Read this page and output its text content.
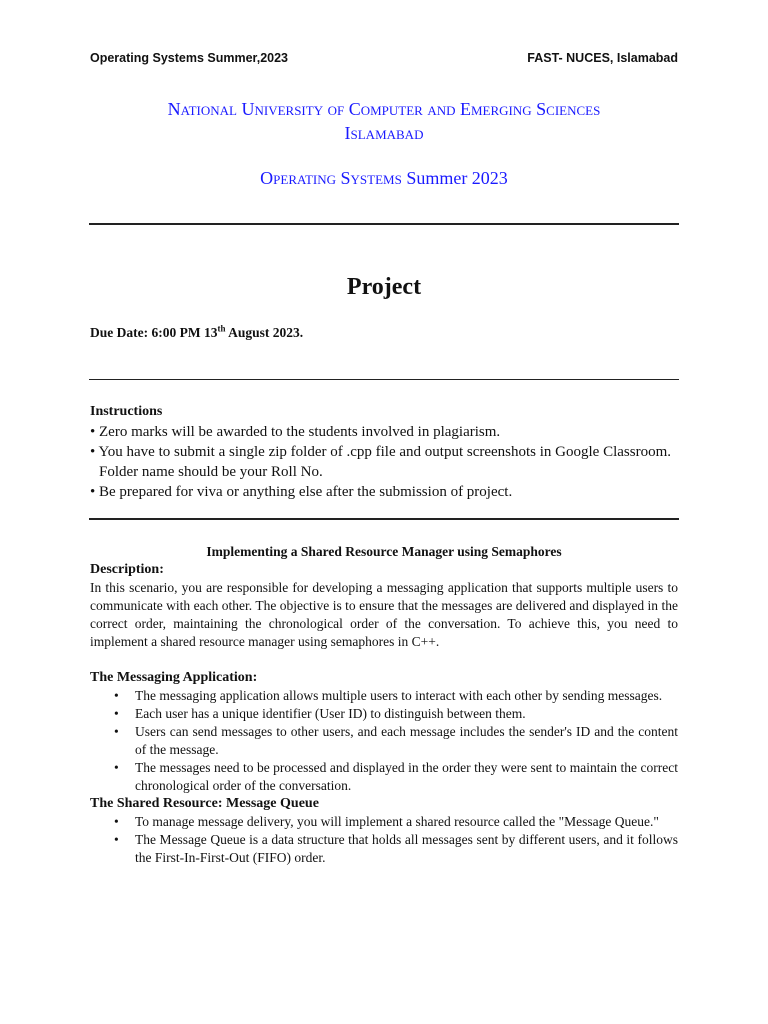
Operating Systems Summer,2023	FAST- NUCES, Islamabad
National University of Computer and Emerging Sciences
Islamabad
Operating Systems Summer 2023
Project
Due Date: 6:00 PM 13th August 2023.
Instructions
• Zero marks will be awarded to the students involved in plagiarism.
• You have to submit a single zip folder of .cpp file and output screenshots in Google Classroom. Folder name should be your Roll No.
• Be prepared for viva or anything else after the submission of project.
Implementing a Shared Resource Manager using Semaphores
Description:
In this scenario, you are responsible for developing a messaging application that supports multiple users to communicate with each other. The objective is to ensure that the messages are delivered and displayed in the correct order, maintaining the chronological order of the conversation. To achieve this, you need to implement a shared resource manager using semaphores in C++.
The Messaging Application:
• The messaging application allows multiple users to interact with each other by sending messages.
• Each user has a unique identifier (User ID) to distinguish between them.
• Users can send messages to other users, and each message includes the sender's ID and the content of the message.
• The messages need to be processed and displayed in the order they were sent to maintain the correct chronological order of the conversation.
The Shared Resource: Message Queue
• To manage message delivery, you will implement a shared resource called the "Message Queue."
• The Message Queue is a data structure that holds all messages sent by different users, and it follows the First-In-First-Out (FIFO) order.
